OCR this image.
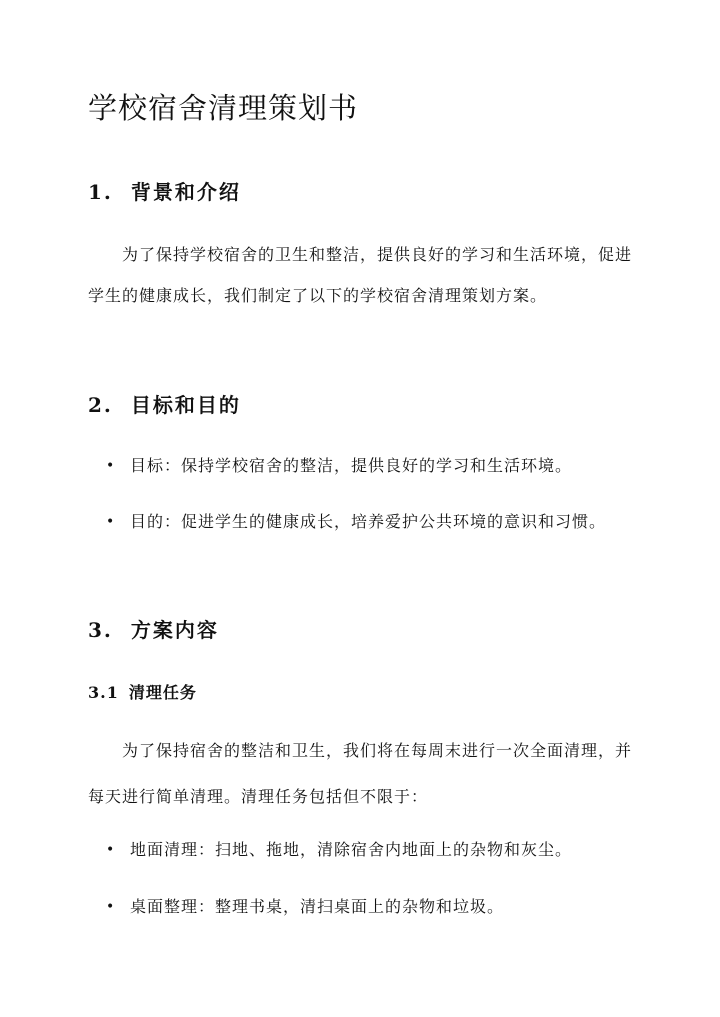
学校宿舍清理策划书
1. 背景和介绍

为了保持学校宿舍的卫生和整洁，提供良好的学习和生活环境，促进学生的健康成长，我们制定了以下的学校宿舍清理策划方案。

2. 目标和目的
• 目标：保持学校宿舍的整洁，提供良好的学习和生活环境。
• 目的：促进学生的健康成长，培养爱护公共环境的意识和习惯。
3. 方案内容
3.1 清理任务

为了保持宿舍的整洁和卫生，我们将在每周末进行一次全面清理，并每天进行简单清理。清理任务包括但不限于：

• 地面清理：扫地、拖地，清除宿舍内地面上的杂物和灰尘。
• 桌面整理：整理书桌，清扫桌面上的杂物和垃圾。
